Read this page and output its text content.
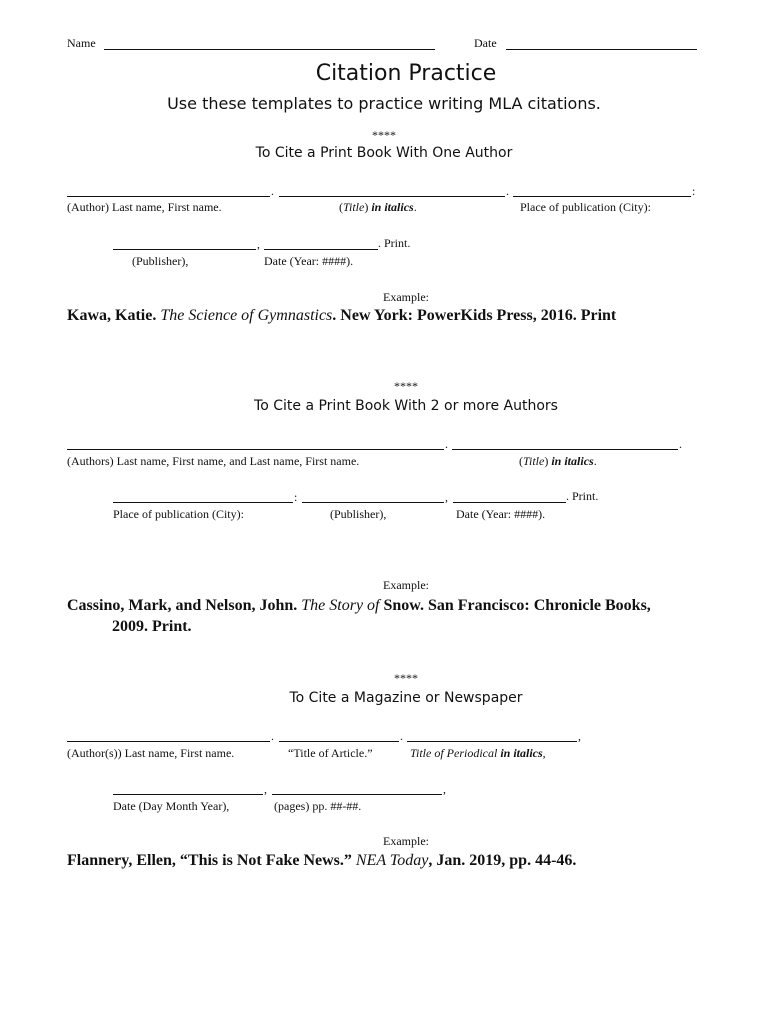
Name	Date
Citation Practice
Use these templates to practice writing MLA citations.
****
To Cite a Print Book With One Author
.	.	:
(Author) Last name, First name.	(Title) in italics.	Place of publication (City):
,	. Print.
(Publisher),	Date (Year: ####).
Example:
Kawa, Katie. The Science of Gymnastics. New York: PowerKids Press, 2016. Print
****
To Cite a Print Book With 2 or more Authors
.	.
(Authors) Last name, First name, and Last name, First name.	(Title) in italics.
:	,	. Print.
Place of publication (City):	(Publisher),	Date (Year: ####).
Example:
Cassino, Mark, and Nelson, John. The Story of Snow. San Francisco: Chronicle Books,
2009. Print.
****
To Cite a Magazine or Newspaper
.	.	,
(Author(s)) Last name, First name.	“Title of Article.”	Title of Periodical in italics,
,	,
Date (Day Month Year),	(pages) pp. ##-##.
Example:
Flannery, Ellen, “This is Not Fake News.” NEA Today, Jan. 2019, pp. 44-46.
